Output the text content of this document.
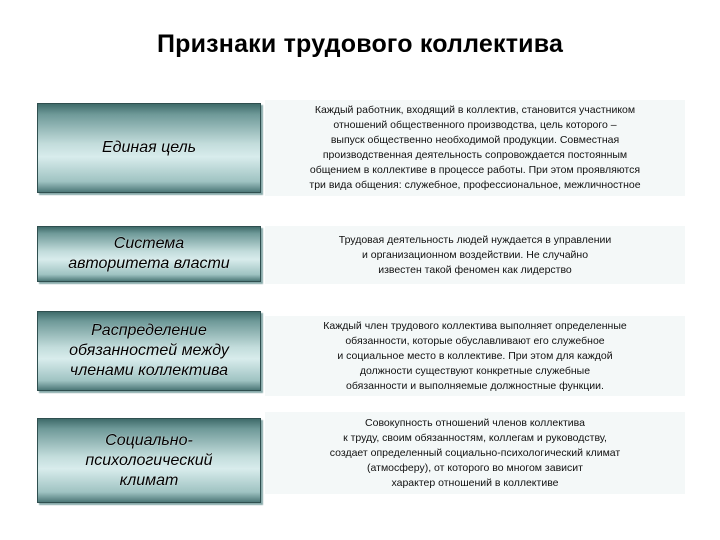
Признаки трудового коллектива
Единая цель
Каждый работник, входящий в коллектив, становится участником
отношений общественного производства, цель которого –
выпуск общественно необходимой продукции. Совместная
производственная деятельность сопровождается постоянным
общением в коллективе в процессе работы. При этом проявляются
три вида общения: служебное, профессиональное, межличностное
Система
авторитета власти
Трудовая деятельность людей нуждается в управлении
и организационном воздействии. Не случайно
известен такой феномен как лидерство
Распределение
обязанностей между
членами коллектива
Каждый член трудового коллектива выполняет определенные
обязанности, которые обуславливают его служебное
и социальное место в коллективе. При этом для каждой
должности существуют конкретные служебные
обязанности и выполняемые должностные функции.
Социально-
психологический
климат
Совокупность отношений членов коллектива
к труду, своим обязанностям, коллегам и руководству,
создает определенный социально-психологический климат
(атмосферу), от которого во многом зависит
характер отношений в коллективе
